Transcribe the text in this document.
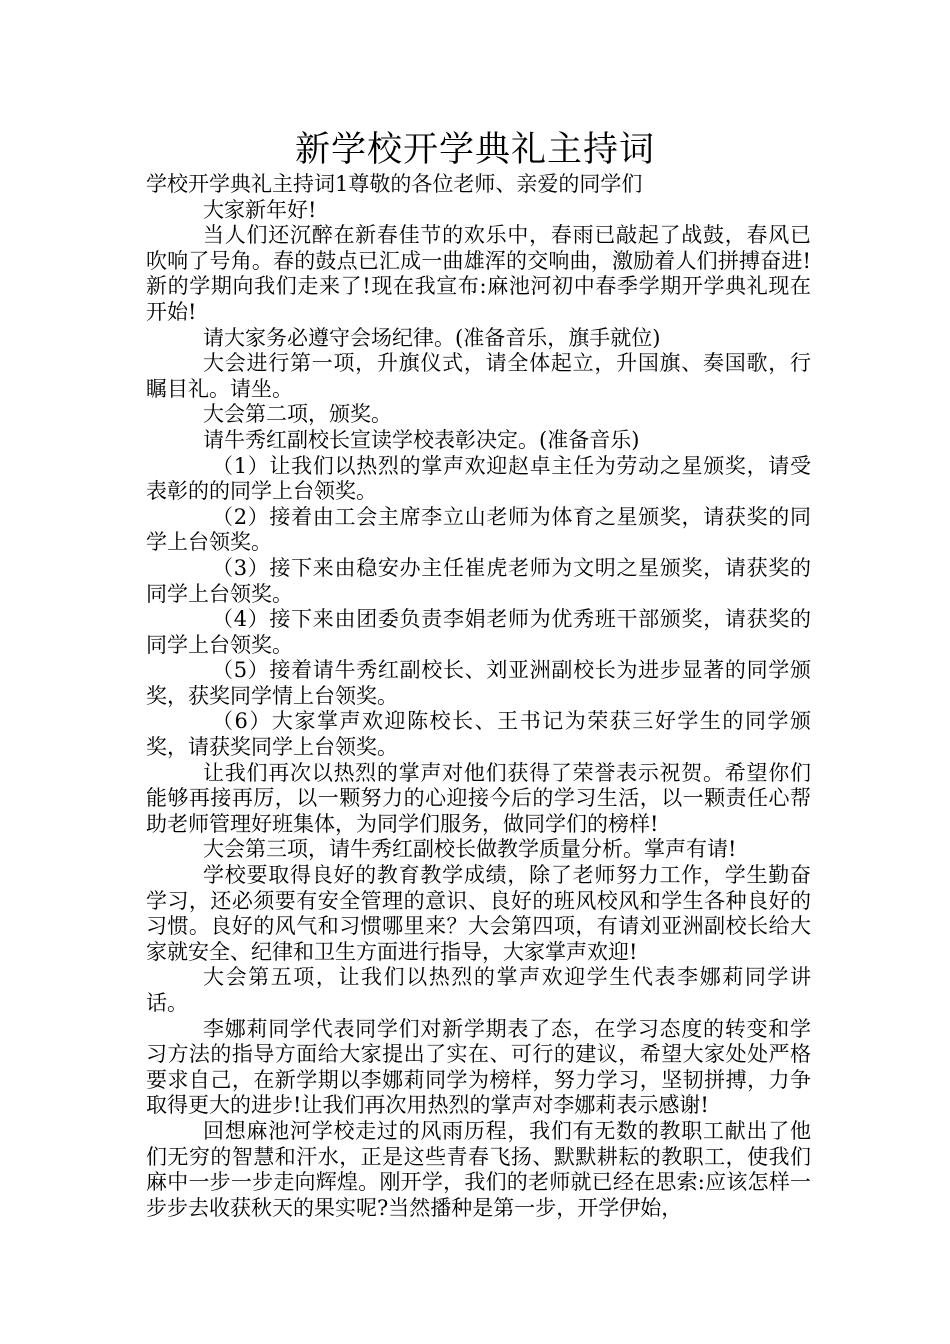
新学校开学典礼主持词

学校开学典礼主持词1尊敬的各位老师、亲爱的同学们

大家新年好!

当人们还沉醉在新春佳节的欢乐中，春雨已敲起了战鼓，春风已吹响了号角。春的鼓点已汇成一曲雄浑的交响曲，激励着人们拼搏奋进!新的学期向我们走来了!现在我宣布:麻池河初中春季学期开学典礼现在开始!

请大家务必遵守会场纪律。(准备音乐，旗手就位)

大会进行第一项，升旗仪式，请全体起立，升国旗、奏国歌，行瞩目礼。请坐。

大会第二项，颁奖。

请牛秀红副校长宣读学校表彰决定。(准备音乐)

（1）让我们以热烈的掌声欢迎赵卓主任为劳动之星颁奖，请受表彰的的同学上台领奖。

（2）接着由工会主席李立山老师为体育之星颁奖，请获奖的同学上台领奖。

（3）接下来由稳安办主任崔虎老师为文明之星颁奖，请获奖的同学上台领奖。

（4）接下来由团委负责李娟老师为优秀班干部颁奖，请获奖的同学上台领奖。

（5）接着请牛秀红副校长、刘亚洲副校长为进步显著的同学颁奖，获奖同学情上台领奖。

（6）大家掌声欢迎陈校长、王书记为荣获三好学生的同学颁奖，请获奖同学上台领奖。

让我们再次以热烈的掌声对他们获得了荣誉表示祝贺。希望你们能够再接再厉，以一颗努力的心迎接今后的学习生活，以一颗责任心帮助老师管理好班集体，为同学们服务，做同学们的榜样!

大会第三项，请牛秀红副校长做教学质量分析。掌声有请!

学校要取得良好的教育教学成绩，除了老师努力工作，学生勤奋学习，还必须要有安全管理的意识、良好的班风校风和学生各种良好的习惯。良好的风气和习惯哪里来？大会第四项，有请刘亚洲副校长给大家就安全、纪律和卫生方面进行指导，大家掌声欢迎!

大会第五项，让我们以热烈的掌声欢迎学生代表李娜莉同学讲话。

李娜莉同学代表同学们对新学期表了态，在学习态度的转变和学习方法的指导方面给大家提出了实在、可行的建议，希望大家处处严格要求自己，在新学期以李娜莉同学为榜样，努力学习，坚韧拼搏，力争取得更大的进步!让我们再次用热烈的掌声对李娜莉表示感谢!

回想麻池河学校走过的风雨历程，我们有无数的教职工献出了他们无穷的智慧和汗水，正是这些青春飞扬、默默耕耘的教职工，使我们麻中一步一步走向辉煌。刚开学，我们的老师就已经在思索:应该怎样一步步去收获秋天的果实呢?当然播种是第一步，开学伊始，
